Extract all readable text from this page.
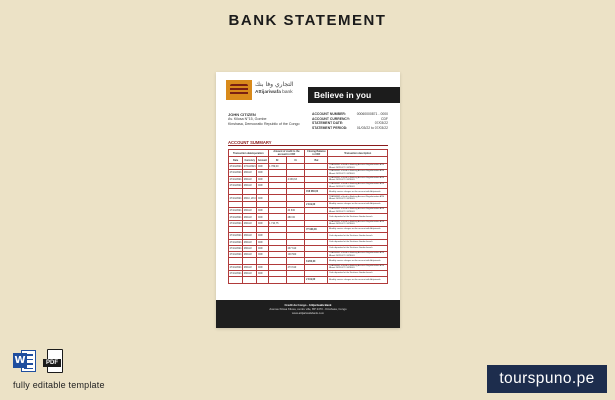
BANK STATEMENT
التجاري وفا بنك
Attijariwafa bank	Believe in you
JOHN CITIZEN
Av. Kilosa N°15, Gombe
Kinshasa, Democratic Republic of the Congo
ACCOUNT NUMBER:	00060000871 - 0000
ACCOUNT CURRENCY:	CDF
STATEMENT DATE:	07/03/22
STATEMENT PERIOD:	01/03/22 to 07/03/22
ACCOUNT SUMMARY
Transaction date/operation			Amount of credit to the account in CDF		Closing Balance in CDF	Transaction description
Date	Currency	Amount	Dr	Cr	Bal	
27/10/2021	27/10/2021	CDF	1 769,00			TRANSFER of fund to Banking Account Regularization ATM Mbueti 20211027 / 8478601
27/10/2021	28/10/2	CDF				TRANSFER of fund to Banking Account Regularization ATM Mbueti 20211027 / 8478601
27/10/2021	28/10/2	CDF		4 039,63		TRANSFER of fund to Banking Account Regularization ATM Mbueti 20211027 / 8478601
27/10/2021	28/10/2	CDF				TRANSFER of fund to Banking Account Regularization ATM Mbueti 20211027 / 8478601
					158 366,00	Monthly service charges on the account with Attijariwafa
27/10/2021	28/10, 28.0	CDF				TRANSFER of fund to Banking Account Regularization ATM Mbueti 20211027 / 8478601
					2 119,00	Monthly service charges on the account with Attijariwafa
27/10/2021	28/10/2	CDF		44 630		TRANSFER of fund to Banking Account Regularization ATM Mbueti 20211027 / 8478601
27/10/2021	28/10/2	CDF		480 00		Cash deposited at the Kinshasa Gombe branch
27/10/2021	28/10/2	CDF	1 710,75			TRANSFER of fund to Banking Account Regularization ATM Mbueti 20211027 / 8478601
					77 630,00	Monthly service charges on the account with Attijariwafa
27/10/2021	28/10/2	CDF				Cash deposited at the Kinshasa Gombe branch
27/10/2021	28/10/2	CDF				Cash deposited at the Kinshasa Gombe branch
27/10/2021	28/10/2	CDF		237 610		Cash deposited at the Kinshasa Gombe branch
27/10/2021	28/10/2	CDF		100 500		TRANSFER of fund to Banking Account Regularization ATM Mbueti 20211027 / 8478601
					8 260,00	Monthly service charges on the account with Attijariwafa
27/10/2021	28/10/2	CDF		473 610		TRANSFER of fund to Banking Account Regularization ATM Mbueti 20211027 / 8478601
27/10/2021	28/10/2	CDF				Cash deposited at the Kinshasa Gombe branch
					2 119,00	Monthly service charges on the account with Attijariwafa
Credit du Congo - Attijariwafa Bank
Avenue Kilosa Kilosa, centre ville, BP 2470 - Kinshasa, Congo
www.attijariwafabank.com
W	PDF
fully editable template	tourspuno.pe
